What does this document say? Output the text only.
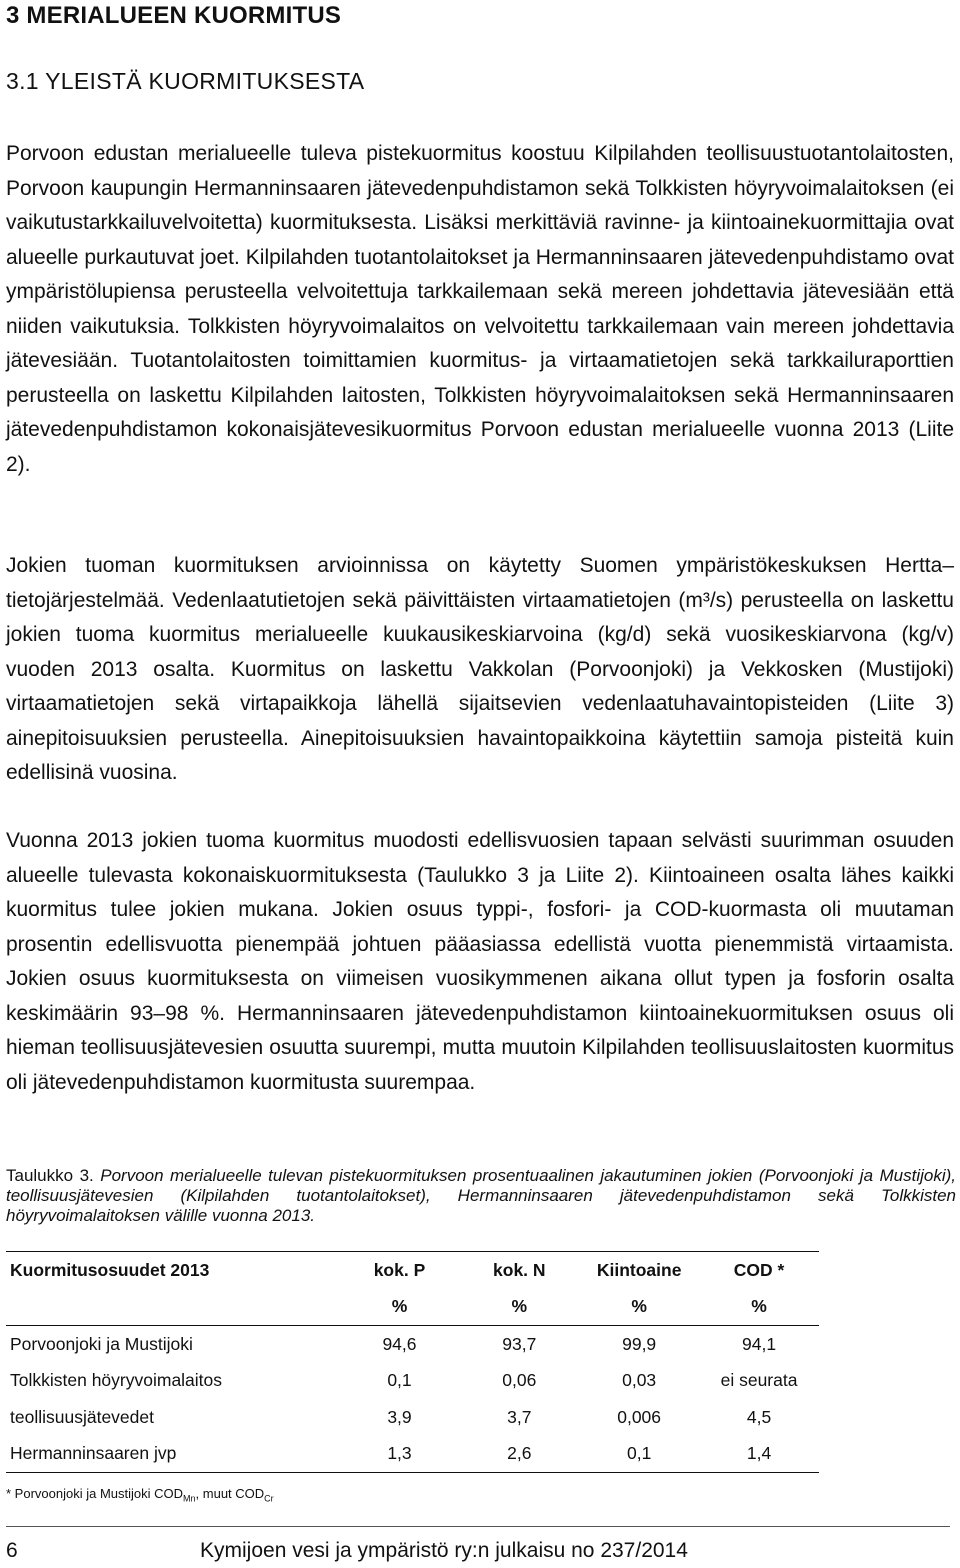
3 MERIALUEEN KUORMITUS
3.1 YLEISTÄ KUORMITUKSESTA

Porvoon edustan merialueelle tuleva pistekuormitus koostuu Kilpilahden teollisuustuotantolaitosten, Porvoon kaupungin Hermanninsaaren jätevedenpuhdistamon sekä Tolkkisten höyryvoimalaitoksen (ei vaikutustarkkailuvelvoitetta) kuormituksesta. Lisäksi merkittäviä ravinne- ja kiintoainekuormittajia ovat alueelle purkautuvat joet. Kilpilahden tuotantolaitokset ja Hermanninsaaren jätevedenpuhdistamo ovat ympäristölupiensa perusteella velvoitettuja tarkkailemaan sekä mereen johdettavia jätevesiään että niiden vaikutuksia. Tolkkisten höyryvoimalaitos on velvoitettu tarkkailemaan vain mereen johdettavia jätevesiään. Tuotantolaitosten toimittamien kuormitus- ja virtaamatietojen sekä tarkkailuraporttien perusteella on laskettu Kilpilahden laitosten, Tolkkisten höyryvoimalaitoksen sekä Hermanninsaaren jätevedenpuhdistamon kokonaisjätevesikuormitus Porvoon edustan merialueelle vuonna 2013 (Liite 2).

Jokien tuoman kuormituksen arvioinnissa on käytetty Suomen ympäristökeskuksen Hertta–tietojärjestelmää. Vedenlaatutietojen sekä päivittäisten virtaamatietojen (m³/s) perusteella on laskettu jokien tuoma kuormitus merialueelle kuukausikeskiarvoina (kg/d) sekä vuosikeskiarvona (kg/v) vuoden 2013 osalta. Kuormitus on laskettu Vakkolan (Porvoonjoki) ja Vekkosken (Mustijoki) virtaamatietojen sekä virtapaikkoja lähellä sijaitsevien vedenlaatuhavaintopisteiden (Liite 3) ainepitoisuuksien perusteella. Ainepitoisuuksien havaintopaikkoina käytettiin samoja pisteitä kuin edellisinä vuosina.

Vuonna 2013 jokien tuoma kuormitus muodosti edellisvuosien tapaan selvästi suurimman osuuden alueelle tulevasta kokonaiskuormituksesta (Taulukko 3 ja Liite 2). Kiintoaineen osalta lähes kaikki kuormitus tulee jokien mukana. Jokien osuus typpi-, fosfori- ja COD-kuormasta oli muutaman prosentin edellisvuotta pienempää johtuen pääasiassa edellistä vuotta pienemmistä virtaamista. Jokien osuus kuormituksesta on viimeisen vuosikymmenen aikana ollut typen ja fosforin osalta keskimäärin 93–98 %. Hermanninsaaren jätevedenpuhdistamon kiintoainekuormituksen osuus oli hieman teollisuusjätevesien osuutta suurempi, mutta muutoin Kilpilahden teollisuuslaitosten kuormitus oli jätevedenpuhdistamon kuormitusta suurempaa.

Taulukko 3. Porvoon merialueelle tulevan pistekuormituksen prosentuaalinen jakautuminen jokien (Porvoonjoki ja Mustijoki), teollisuusjätevesien (Kilpilahden tuotantolaitokset), Hermanninsaaren jätevedenpuhdistamon sekä Tolkkisten höyryvoimalaitoksen välille vuonna 2013.
Kuormitusosuudet 2013	kok. P	kok. N	Kiintoaine	COD *
	%	%	%	%
Porvoonjoki ja Mustijoki	94,6	93,7	99,9	94,1
Tolkkisten höyryvoimalaitos	0,1	0,06	0,03	ei seurata
teollisuusjätevedet	3,9	3,7	0,006	4,5
Hermanninsaaren jvp	1,3	2,6	0,1	1,4
* Porvoonjoki ja Mustijoki $COD_{Mn}$, muut $COD_{Cr}$
6	Kymijoen vesi ja ympäristö ry:n julkaisu no 237/2014
